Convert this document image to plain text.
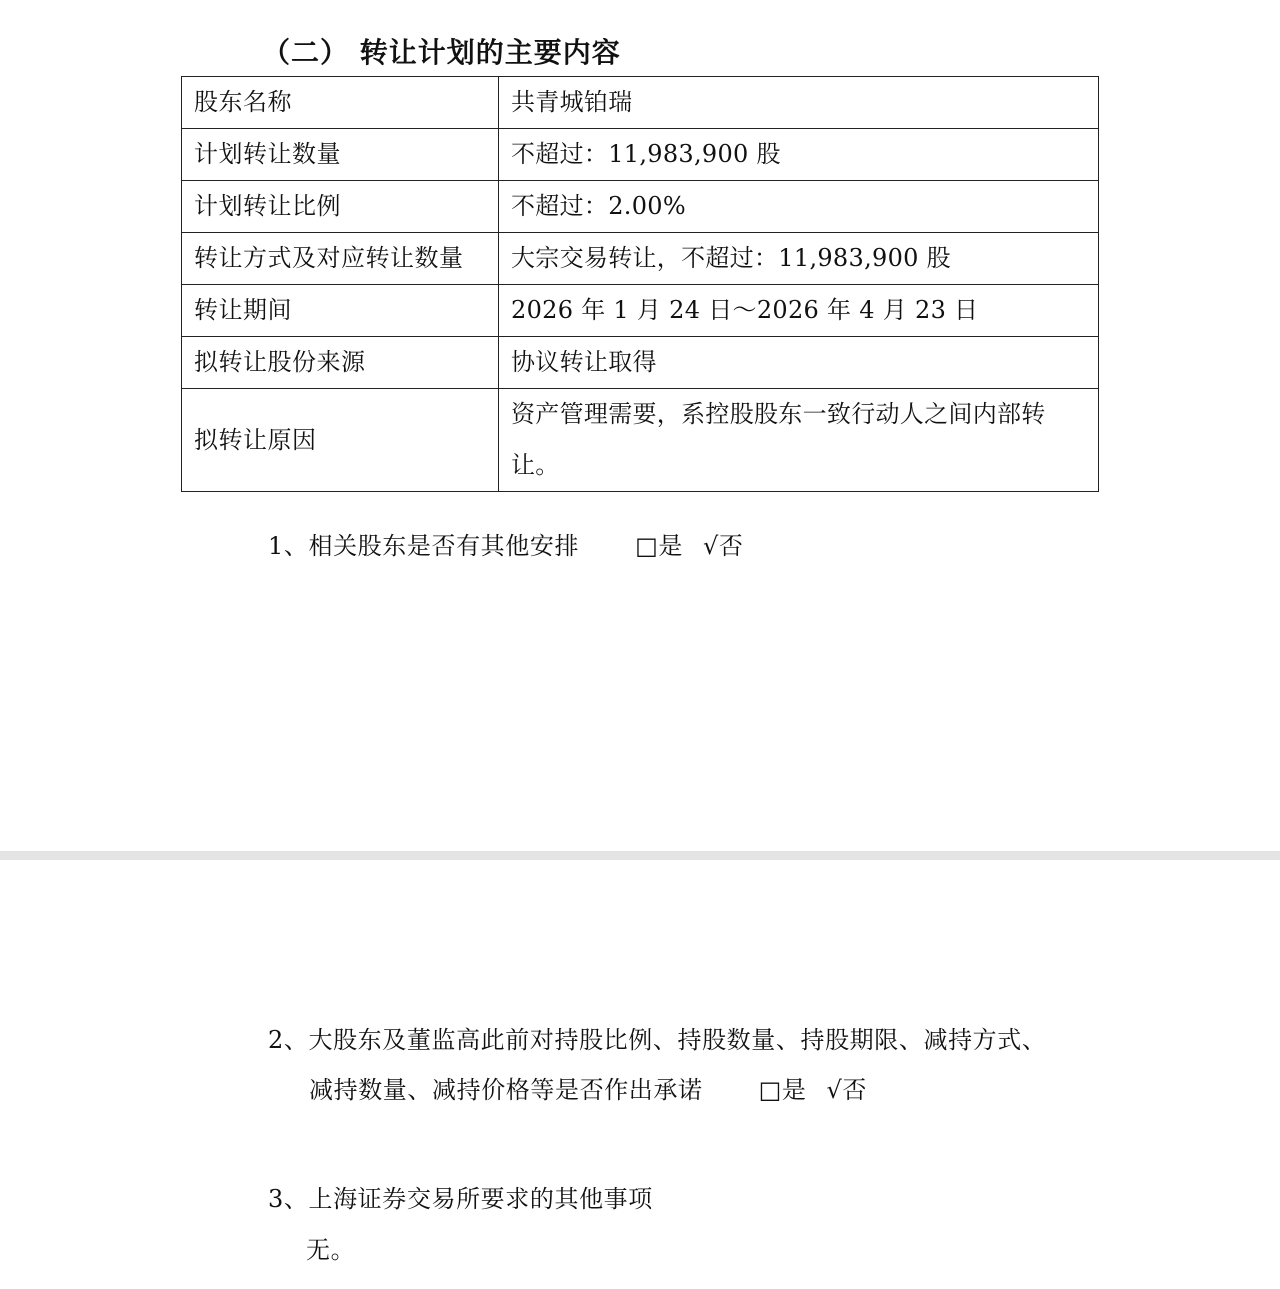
（二） 转让计划的主要内容
股东名称	共青城铂瑞
计划转让数量	不超过：11,983,900 股
计划转让比例	不超过：2.00%
转让方式及对应转让数量	大宗交易转让，不超过：11,983,900 股
转让期间	2026 年 1 月 24 日～2026 年 4 月 23 日
拟转让股份来源	协议转让取得
拟转让原因	资产管理需要，系控股股东一致行动人之间内部转
让。
1、相关股东是否有其他安排 □是 √否
2、大股东及董监高此前对持股比例、持股数量、持股期限、减持方式、
减持数量、减持价格等是否作出承诺 □是 √否
3、上海证券交易所要求的其他事项
无。
